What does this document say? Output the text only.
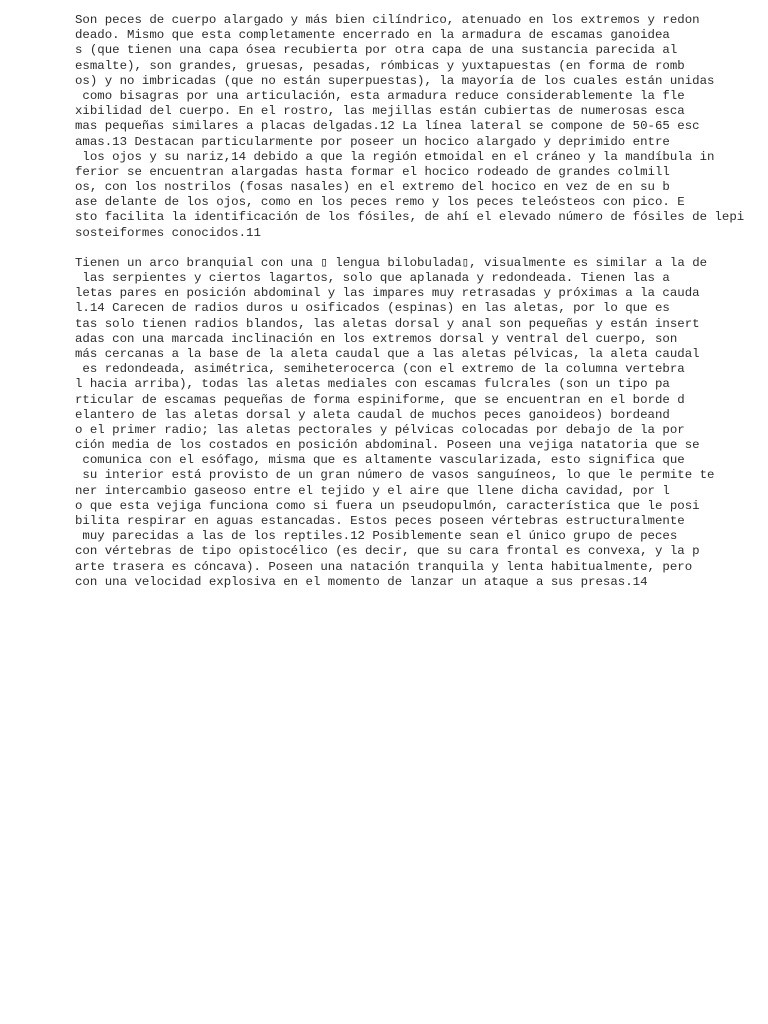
Son peces de cuerpo alargado y más bien cilíndrico, atenuado en los extremos y redon
deado. Mismo que esta completamente encerrado en la armadura de escamas ganoidea
s (que tienen una capa ósea recubierta por otra capa de una sustancia parecida al
esmalte), son grandes, gruesas, pesadas, rómbicas y yuxtapuestas (en forma de romb
os) y no imbricadas (que no están superpuestas), la mayoría de los cuales están unidas
como bisagras por una articulación, esta armadura reduce considerablemente la fle
xibilidad del cuerpo. En el rostro, las mejillas están cubiertas de numerosas esca
mas pequeñas similares a placas delgadas.12 La línea lateral se compone de 50-65 esc
amas.13 Destacan particularmente por poseer un hocico alargado y deprimido entre
los ojos y su nariz,14 debido a que la región etmoidal en el cráneo y la mandíbula in
ferior se encuentran alargadas hasta formar el hocico rodeado de grandes colmill
os, con los nostrilos (fosas nasales) en el extremo del hocico en vez de en su b
ase delante de los ojos, como en los peces remo y los peces teleósteos con pico. E
sto facilita la identificación de los fósiles, de ahí el elevado número de fósiles de lepi
sosteiformes conocidos.11
Tienen un arco branquial con una ▯ lengua bilobulada▯, visualmente es similar a la de
las serpientes y ciertos lagartos, solo que aplanada y redondeada. Tienen las a
letas pares en posición abdominal y las impares muy retrasadas y próximas a la cauda
l.14 Carecen de radios duros u osificados (espinas) en las aletas, por lo que es
tas solo tienen radios blandos, las aletas dorsal y anal son pequeñas y están insert
adas con una marcada inclinación en los extremos dorsal y ventral del cuerpo, son
más cercanas a la base de la aleta caudal que a las aletas pélvicas, la aleta caudal
es redondeada, asimétrica, semiheterocerca (con el extremo de la columna vertebra
l hacia arriba), todas las aletas mediales con escamas fulcrales (son un tipo pa
rticular de escamas pequeñas de forma espiniforme, que se encuentran en el borde d
elantero de las aletas dorsal y aleta caudal de muchos peces ganoideos) bordeand
o el primer radio; las aletas pectorales y pélvicas colocadas por debajo de la por
ción media de los costados en posición abdominal. Poseen una vejiga natatoria que se
comunica con el esófago, misma que es altamente vascularizada, esto significa que
su interior está provisto de un gran número de vasos sanguíneos, lo que le permite te
ner intercambio gaseoso entre el tejido y el aire que llene dicha cavidad, por l
o que esta vejiga funciona como si fuera un pseudopulmón, característica que le posi
bilita respirar en aguas estancadas. Estos peces poseen vértebras estructuralmente
muy parecidas a las de los reptiles.12 Posiblemente sean el único grupo de peces
con vértebras de tipo opistocélico (es decir, que su cara frontal es convexa, y la p
arte trasera es cóncava). Poseen una natación tranquila y lenta habitualmente, pero
con una velocidad explosiva en el momento de lanzar un ataque a sus presas.14
